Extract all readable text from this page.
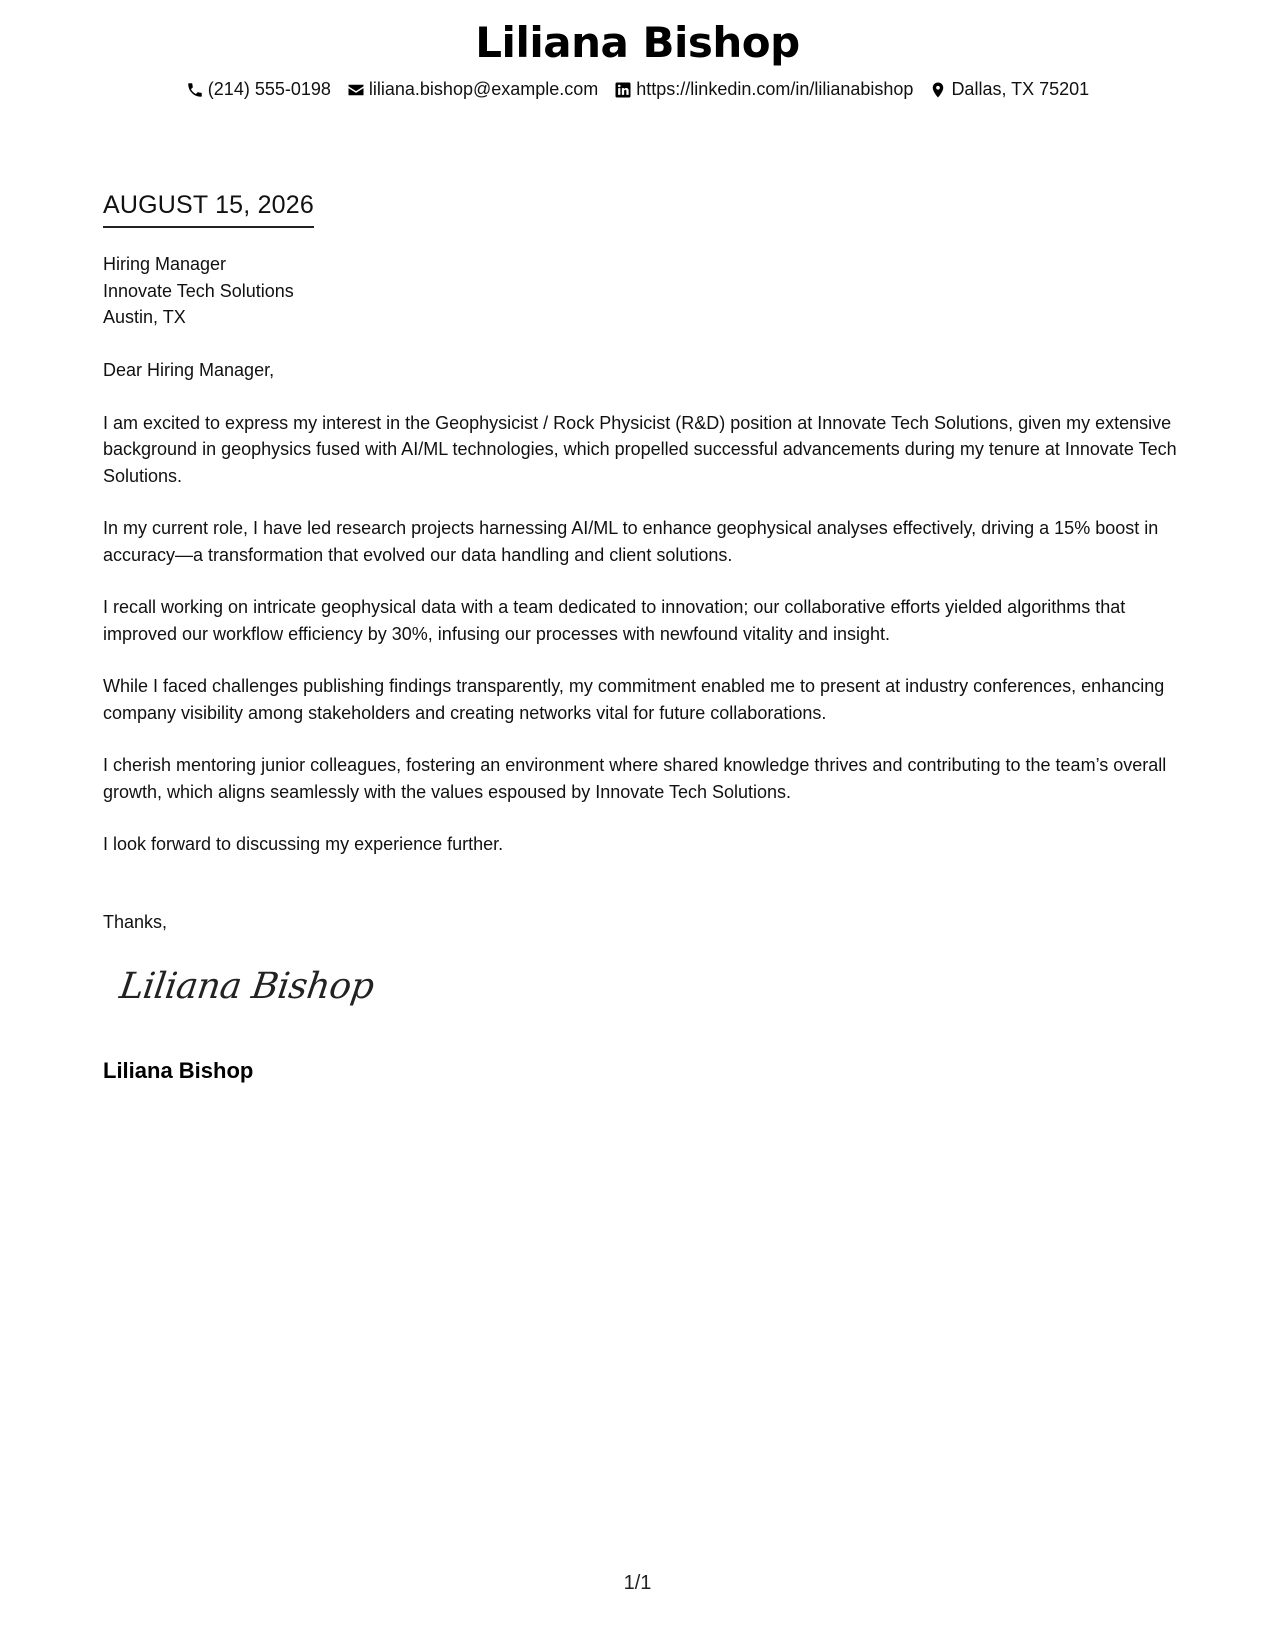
Liliana Bishop
(214) 555-0198 liliana.bishop@example.com https://linkedin.com/in/lilianabishop Dallas, TX 75201
AUGUST 15, 2026
Hiring Manager
Innovate Tech Solutions
Austin, TX

Dear Hiring Manager,

I am excited to express my interest in the Geophysicist / Rock Physicist (R&D) position at Innovate Tech Solutions, given my extensive background in geophysics fused with AI/ML technologies, which propelled successful advancements during my tenure at Innovate Tech Solutions.

In my current role, I have led research projects harnessing AI/ML to enhance geophysical analyses effectively, driving a 15% boost in accuracy—a transformation that evolved our data handling and client solutions.

I recall working on intricate geophysical data with a team dedicated to innovation; our collaborative efforts yielded algorithms that improved our workflow efficiency by 30%, infusing our processes with newfound vitality and insight.

While I faced challenges publishing findings transparently, my commitment enabled me to present at industry conferences, enhancing company visibility among stakeholders and creating networks vital for future collaborations.

I cherish mentoring junior colleagues, fostering an environment where shared knowledge thrives and contributing to the team’s overall growth, which aligns seamlessly with the values espoused by Innovate Tech Solutions.

I look forward to discussing my experience further.

Thanks,
Liliana Bishop
Liliana Bishop
1/1
